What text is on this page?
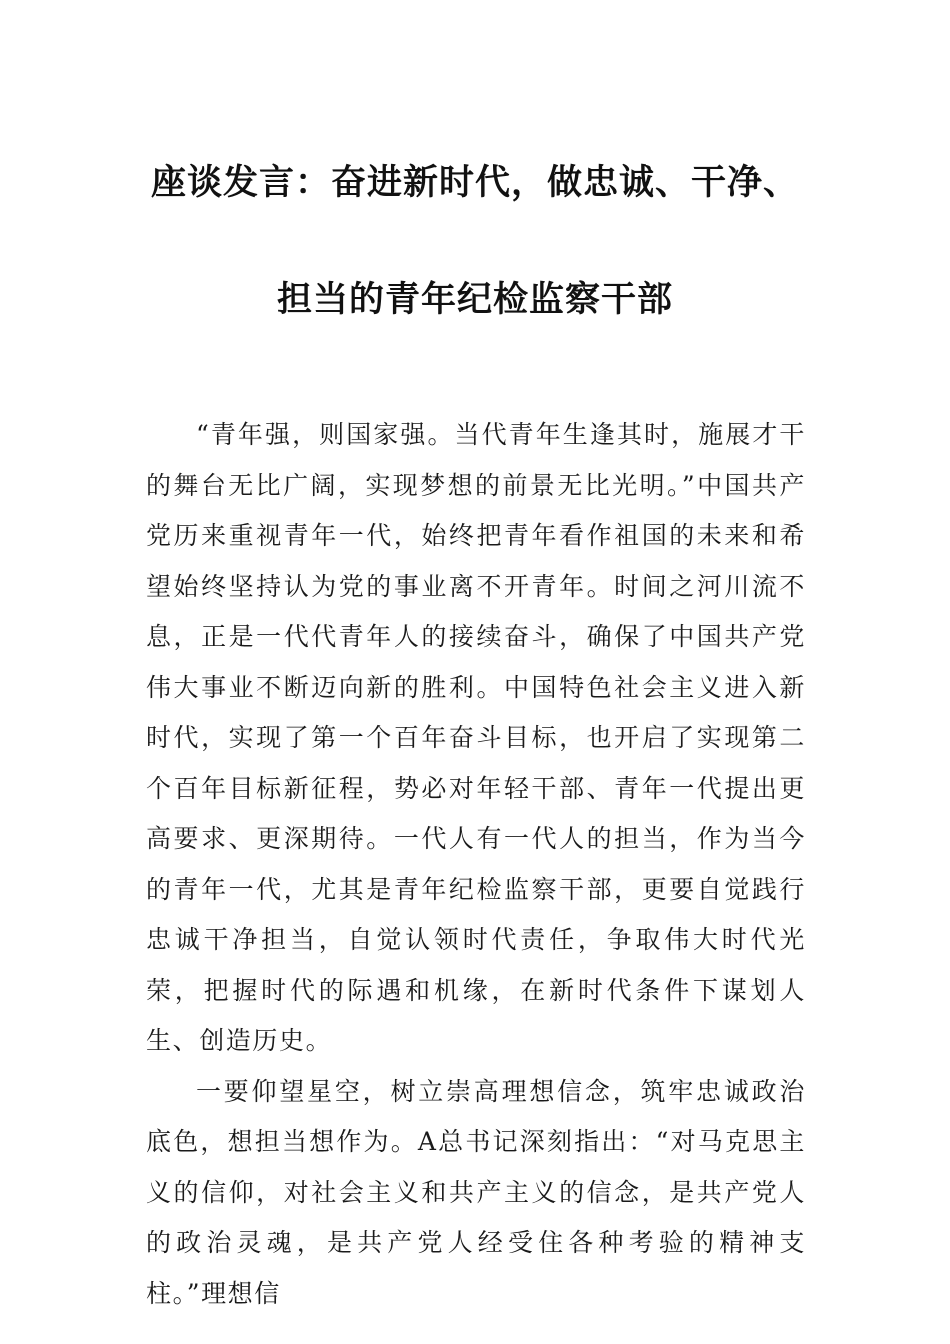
座谈发言：奋进新时代，做忠诚、干净、
担当的青年纪检监察干部

“青年强，则国家强。当代青年生逢其时，施展才干的舞台无比广阔，实现梦想的前景无比光明。”中国共产党历来重视青年一代，始终把青年看作祖国的未来和希望始终坚持认为党的事业离不开青年。时间之河川流不息，正是一代代青年人的接续奋斗，确保了中国共产党伟大事业不断迈向新的胜利。中国特色社会主义进入新时代，实现了第一个百年奋斗目标，也开启了实现第二个百年目标新征程，势必对年轻干部、青年一代提出更高要求、更深期待。一代人有一代人的担当，作为当今的青年一代，尤其是青年纪检监察干部，更要自觉践行忠诚干净担当，自觉认领时代责任，争取伟大时代光荣，把握时代的际遇和机缘，在新时代条件下谋划人生、创造历史。

一要仰望星空，树立崇高理想信念，筑牢忠诚政治底色，想担当想作为。A总书记深刻指出：“对马克思主义的信仰，对社会主义和共产主义的信念，是共产党人的政治灵魂，是共产党人经受住各种考验的精神支柱。”理想信
